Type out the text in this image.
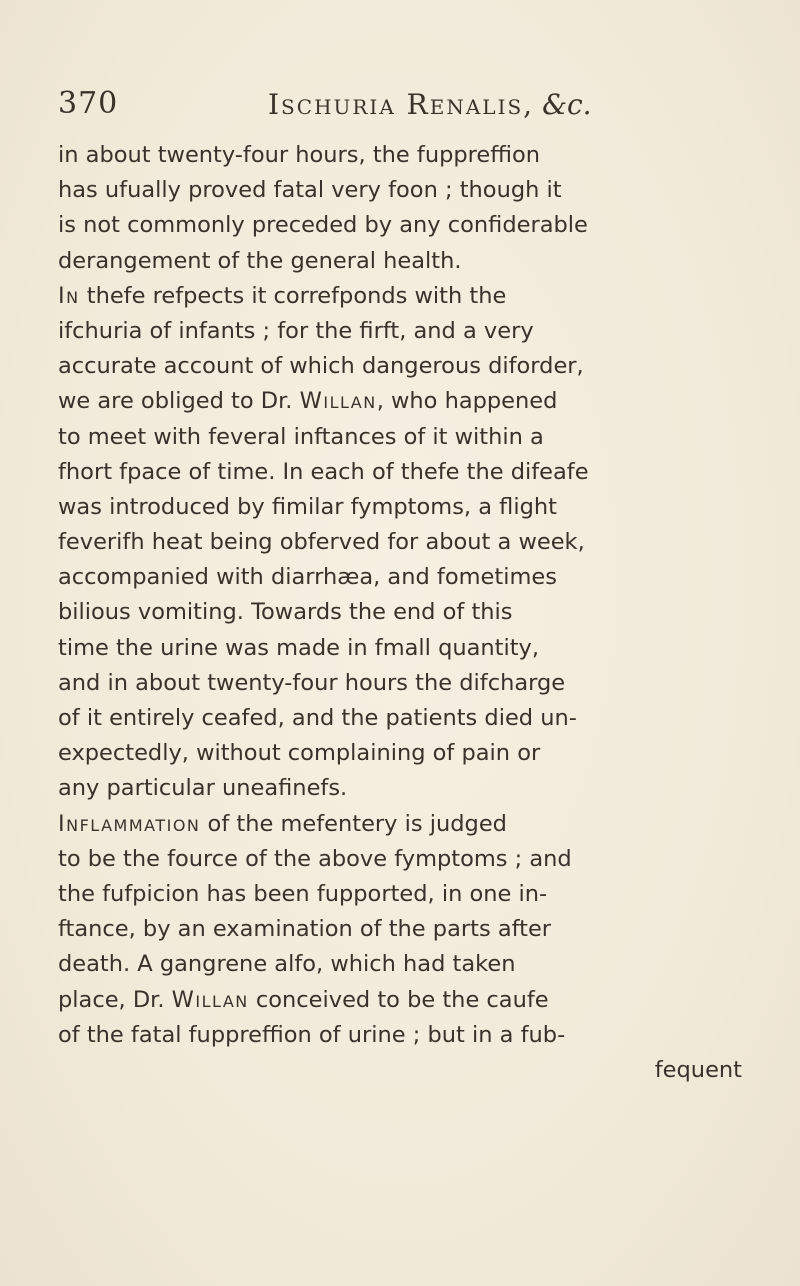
370	Ischuria Renalis, &c.
in about twenty-four hours, the fuppreffion
has ufually proved fatal very foon ; though it
is not commonly preceded by any confiderable
derangement of the general health.
In thefe refpects it correfponds with the
ifchuria of infants ; for the firft, and a very
accurate account of which dangerous diforder,
we are obliged to Dr. Willan, who happened
to meet with feveral inftances of it within a
fhort fpace of time. In each of thefe the difeafe
was introduced by fimilar fymptoms, a flight
feverifh heat being obferved for about a week,
accompanied with diarrhæa, and fometimes
bilious vomiting. Towards the end of this
time the urine was made in fmall quantity,
and in about twenty-four hours the difcharge
of it entirely ceafed, and the patients died un-
expectedly, without complaining of pain or
any particular uneafinefs.
Inflammation of the mefentery is judged
to be the fource of the above fymptoms ; and
the fufpicion has been fupported, in one in-
ftance, by an examination of the parts after
death. A gangrene alfo, which had taken
place, Dr. Willan conceived to be the caufe
of the fatal fuppreffion of urine ; but in a fub-
fequent
